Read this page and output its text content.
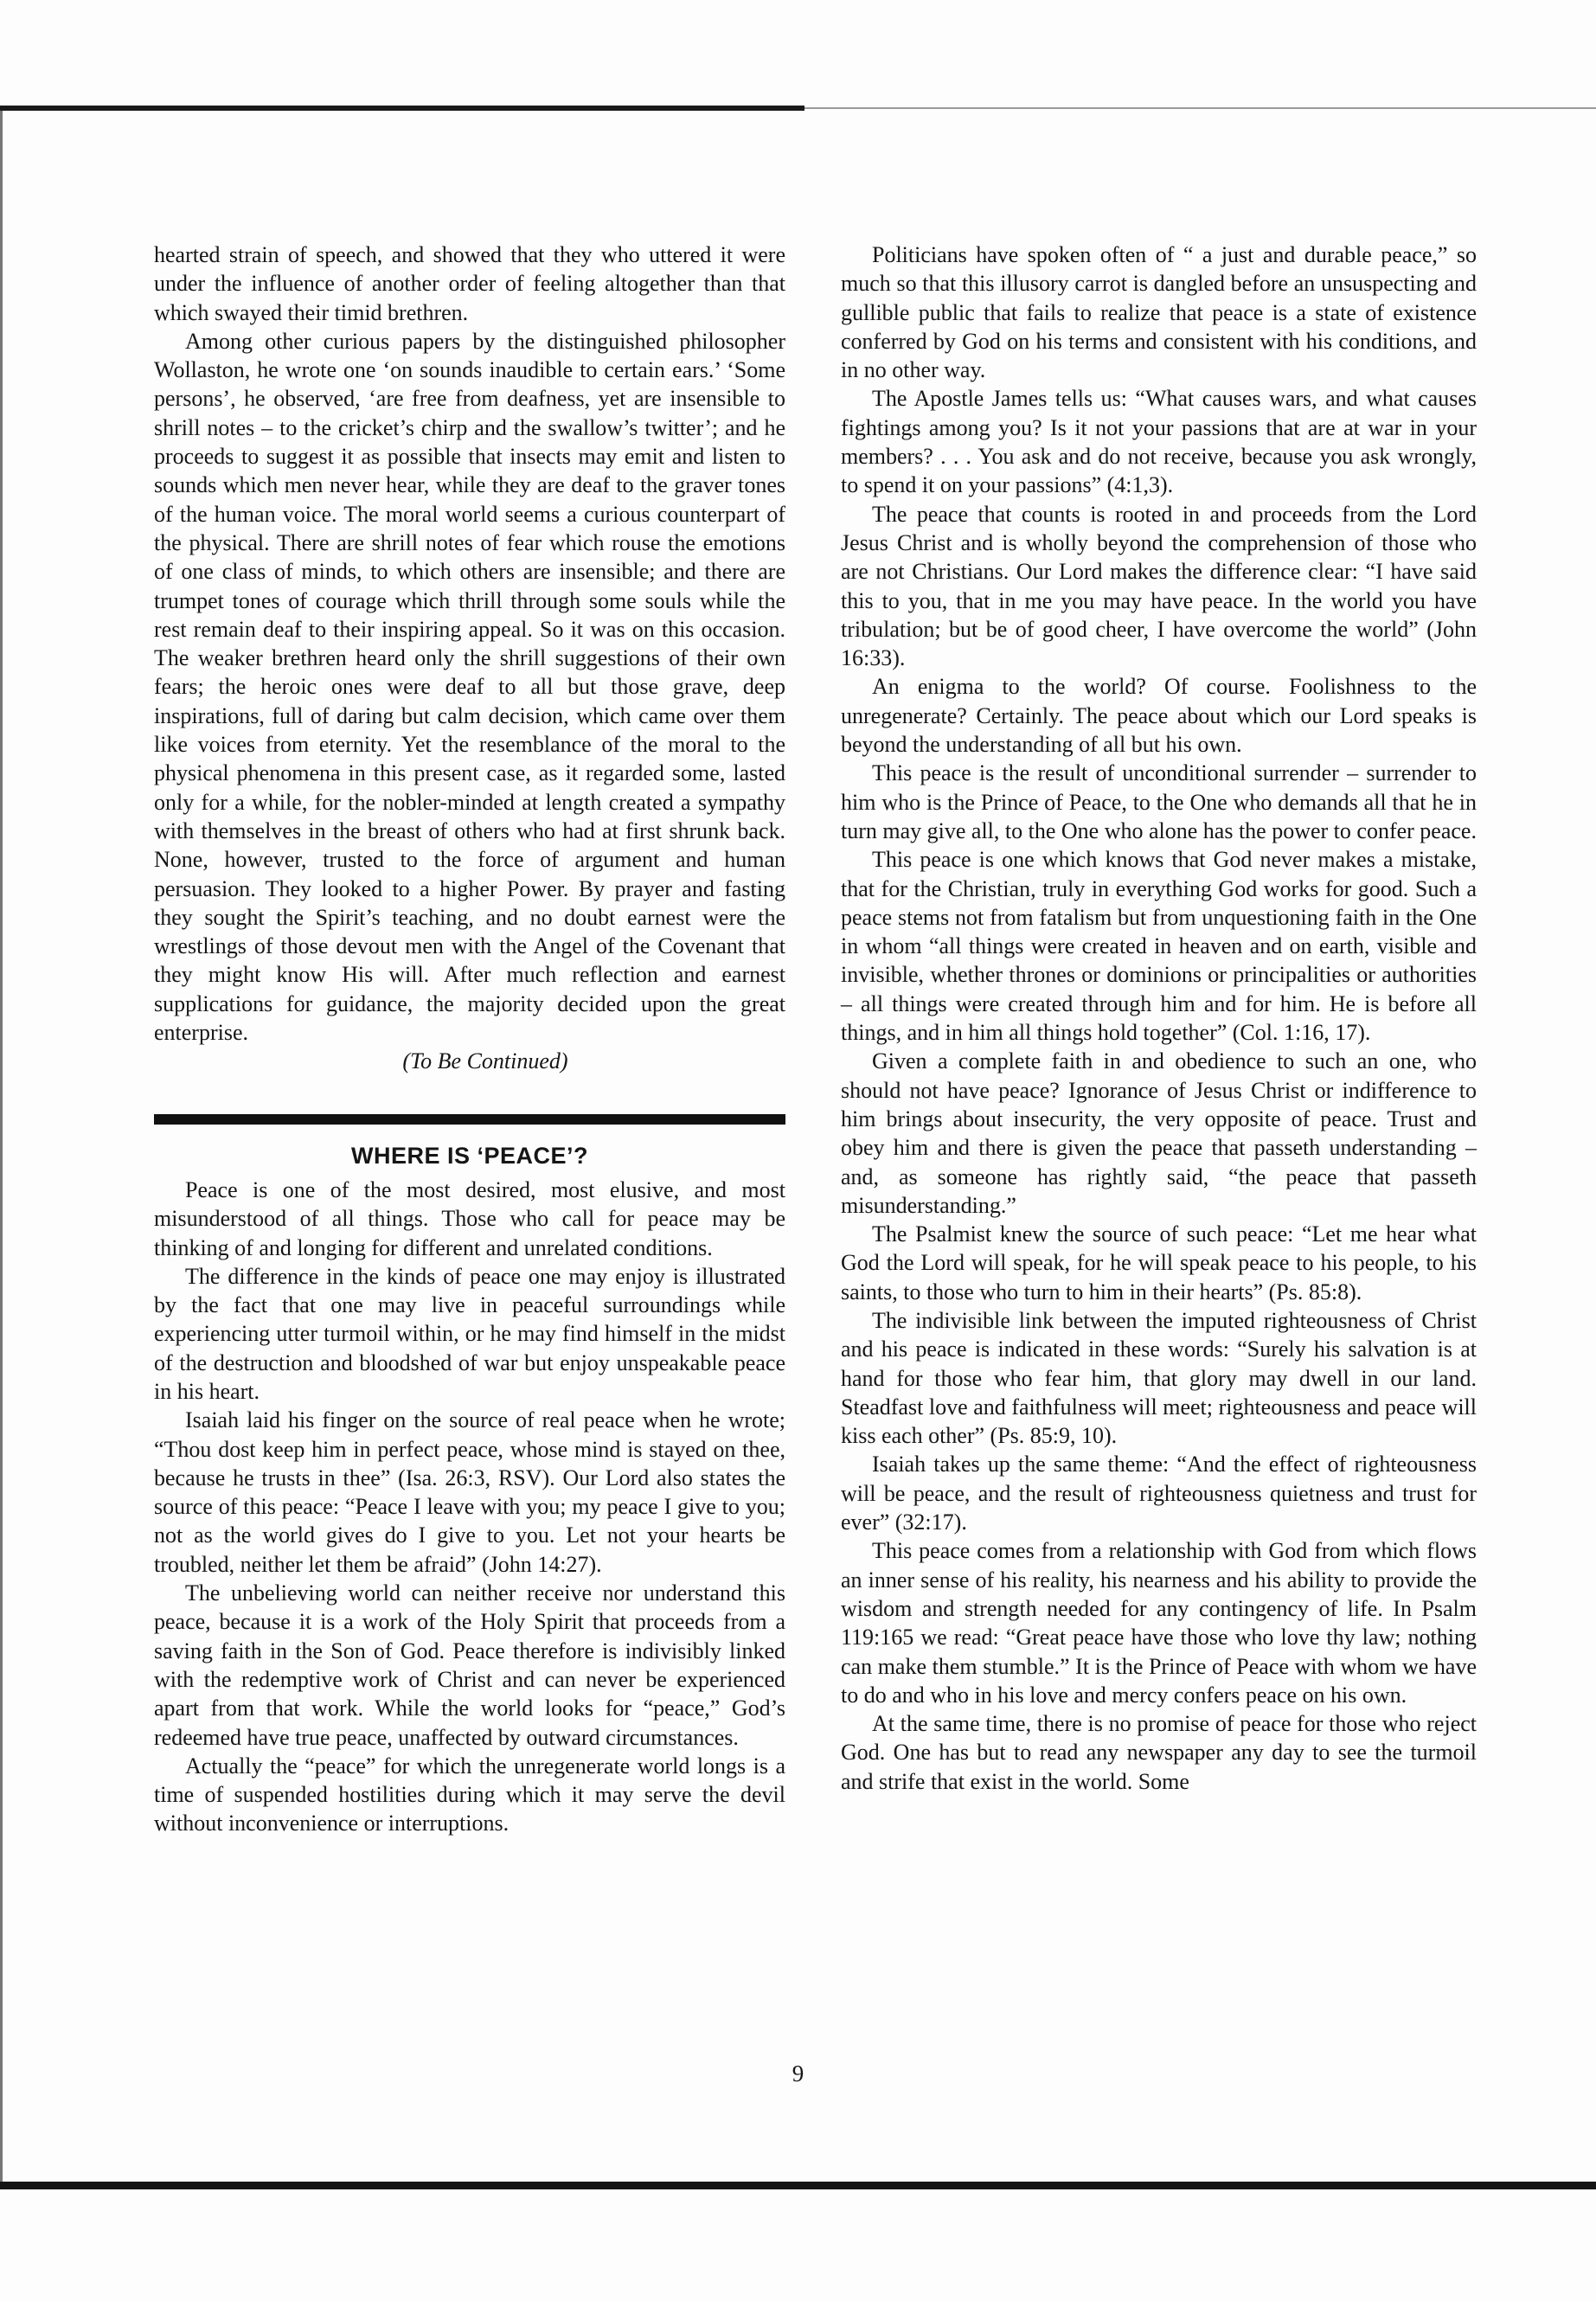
hearted strain of speech, and showed that they who uttered it were under the influence of another order of feeling altogether than that which swayed their timid brethren.

Among other curious papers by the distinguished philosopher Wollaston, he wrote one ‘on sounds inaudible to certain ears.’ ‘Some persons’, he observed, ‘are free from deafness, yet are insensible to shrill notes – to the cricket’s chirp and the swallow’s twitter’; and he proceeds to suggest it as possible that insects may emit and listen to sounds which men never hear, while they are deaf to the graver tones of the human voice. The moral world seems a curious counterpart of the physical. There are shrill notes of fear which rouse the emotions of one class of minds, to which others are insensible; and there are trumpet tones of courage which thrill through some souls while the rest remain deaf to their inspiring appeal. So it was on this occasion. The weaker brethren heard only the shrill suggestions of their own fears; the heroic ones were deaf to all but those grave, deep inspirations, full of daring but calm decision, which came over them like voices from eternity. Yet the resemblance of the moral to the physical phenomena in this present case, as it regarded some, lasted only for a while, for the nobler-minded at length created a sympathy with themselves in the breast of others who had at first shrunk back. None, however, trusted to the force of argument and human persuasion. They looked to a higher Power. By prayer and fasting they sought the Spirit’s teaching, and no doubt earnest were the wrestlings of those devout men with the Angel of the Covenant that they might know His will. After much reflection and earnest supplications for guidance, the majority decided upon the great enterprise.

(To Be Continued)

WHERE IS ‘PEACE’?

Peace is one of the most desired, most elusive, and most misunderstood of all things. Those who call for peace may be thinking of and longing for different and unrelated conditions.

The difference in the kinds of peace one may enjoy is illustrated by the fact that one may live in peaceful surroundings while experiencing utter turmoil within, or he may find himself in the midst of the destruction and bloodshed of war but enjoy unspeakable peace in his heart.

Isaiah laid his finger on the source of real peace when he wrote; “Thou dost keep him in perfect peace, whose mind is stayed on thee, because he trusts in thee” (Isa. 26:3, RSV). Our Lord also states the source of this peace: “Peace I leave with you; my peace I give to you; not as the world gives do I give to you. Let not your hearts be troubled, neither let them be afraid” (John 14:27).

The unbelieving world can neither receive nor understand this peace, because it is a work of the Holy Spirit that proceeds from a saving faith in the Son of God. Peace therefore is indivisibly linked with the redemptive work of Christ and can never be experienced apart from that work. While the world looks for “peace,” God’s redeemed have true peace, unaffected by outward circumstances.

Actually the “peace” for which the unregenerate world longs is a time of suspended hostilities during which it may serve the devil without inconvenience or interruptions.

Politicians have spoken often of “ a just and durable peace,” so much so that this illusory carrot is dangled before an unsuspecting and gullible public that fails to realize that peace is a state of existence conferred by God on his terms and consistent with his conditions, and in no other way.

The Apostle James tells us: “What causes wars, and what causes fightings among you? Is it not your passions that are at war in your members? . . . You ask and do not receive, because you ask wrongly, to spend it on your passions” (4:1,3).

The peace that counts is rooted in and proceeds from the Lord Jesus Christ and is wholly beyond the comprehension of those who are not Christians. Our Lord makes the difference clear: “I have said this to you, that in me you may have peace. In the world you have tribulation; but be of good cheer, I have overcome the world” (John 16:33).

An enigma to the world? Of course. Foolishness to the unregenerate? Certainly. The peace about which our Lord speaks is beyond the understanding of all but his own.

This peace is the result of unconditional surrender – surrender to him who is the Prince of Peace, to the One who demands all that he in turn may give all, to the One who alone has the power to confer peace.

This peace is one which knows that God never makes a mistake, that for the Christian, truly in everything God works for good. Such a peace stems not from fatalism but from unquestioning faith in the One in whom “all things were created in heaven and on earth, visible and invisible, whether thrones or dominions or principalities or authorities – all things were created through him and for him. He is before all things, and in him all things hold together” (Col. 1:16, 17).

Given a complete faith in and obedience to such an one, who should not have peace? Ignorance of Jesus Christ or indifference to him brings about insecurity, the very opposite of peace. Trust and obey him and there is given the peace that passeth understanding – and, as someone has rightly said, “the peace that passeth misunderstanding.”

The Psalmist knew the source of such peace: “Let me hear what God the Lord will speak, for he will speak peace to his people, to his saints, to those who turn to him in their hearts” (Ps. 85:8).

The indivisible link between the imputed righteousness of Christ and his peace is indicated in these words: “Surely his salvation is at hand for those who fear him, that glory may dwell in our land. Steadfast love and faithfulness will meet; righteousness and peace will kiss each other” (Ps. 85:9, 10).

Isaiah takes up the same theme: “And the effect of righteousness will be peace, and the result of righteousness quietness and trust for ever” (32:17).

This peace comes from a relationship with God from which flows an inner sense of his reality, his nearness and his ability to provide the wisdom and strength needed for any contingency of life. In Psalm 119:165 we read: “Great peace have those who love thy law; nothing can make them stumble.” It is the Prince of Peace with whom we have to do and who in his love and mercy confers peace on his own.

At the same time, there is no promise of peace for those who reject God. One has but to read any newspaper any day to see the turmoil and strife that exist in the world. Some

9
